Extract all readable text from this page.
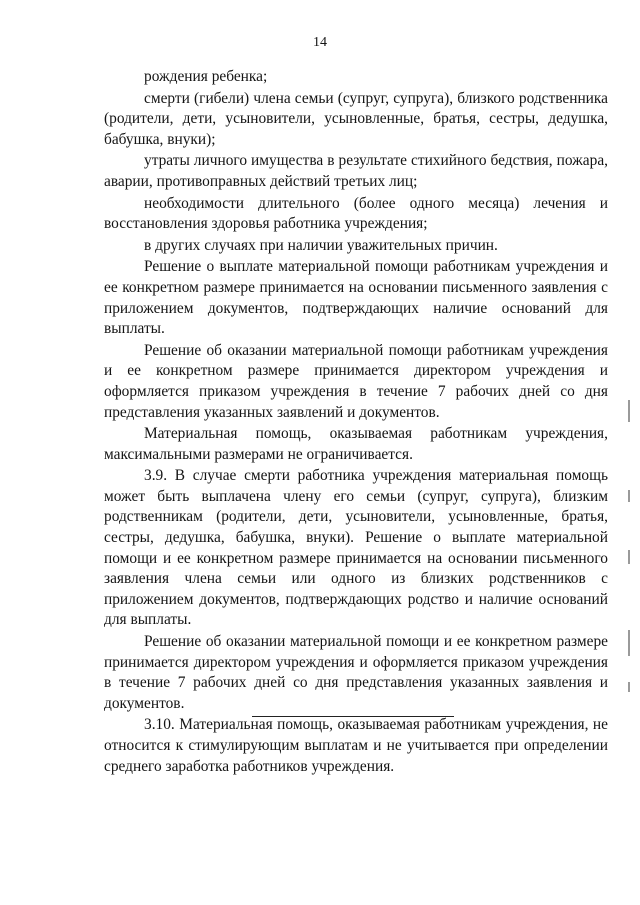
14

рождения ребенка;

смерти (гибели) члена семьи (супруг, супруга), близкого родственника (родители, дети, усыновители, усыновленные, братья, сестры, дедушка, бабушка, внуки);

утраты личного имущества в результате стихийного бедствия, пожара, аварии, противоправных действий третьих лиц;

необходимости длительного (более одного месяца) лечения и восстановления здоровья работника учреждения;

в других случаях при наличии уважительных причин.

Решение о выплате материальной помощи работникам учреждения и ее конкретном размере принимается на основании письменного заявления с приложением документов, подтверждающих наличие оснований для выплаты.

Решение об оказании материальной помощи работникам учреждения и ее конкретном размере принимается директором учреждения и оформляется приказом учреждения в течение 7 рабочих дней со дня представления указанных заявлений и документов.

Материальная помощь, оказываемая работникам учреждения, максимальными размерами не ограничивается.

3.9. В случае смерти работника учреждения материальная помощь может быть выплачена члену его семьи (супруг, супруга), близким родственникам (родители, дети, усыновители, усыновленные, братья, сестры, дедушка, бабушка, внуки). Решение о выплате материальной помощи и ее конкретном размере принимается на основании письменного заявления члена семьи или одного из близких родственников с приложением документов, подтверждающих родство и наличие оснований для выплаты.

Решение об оказании материальной помощи и ее конкретном размере принимается директором учреждения и оформляется приказом учреждения в течение 7 рабочих дней со дня представления указанных заявления и документов.

3.10. Материальная помощь, оказываемая работникам учреждения, не относится к стимулирующим выплатам и не учитывается при определении среднего заработка работников учреждения.
